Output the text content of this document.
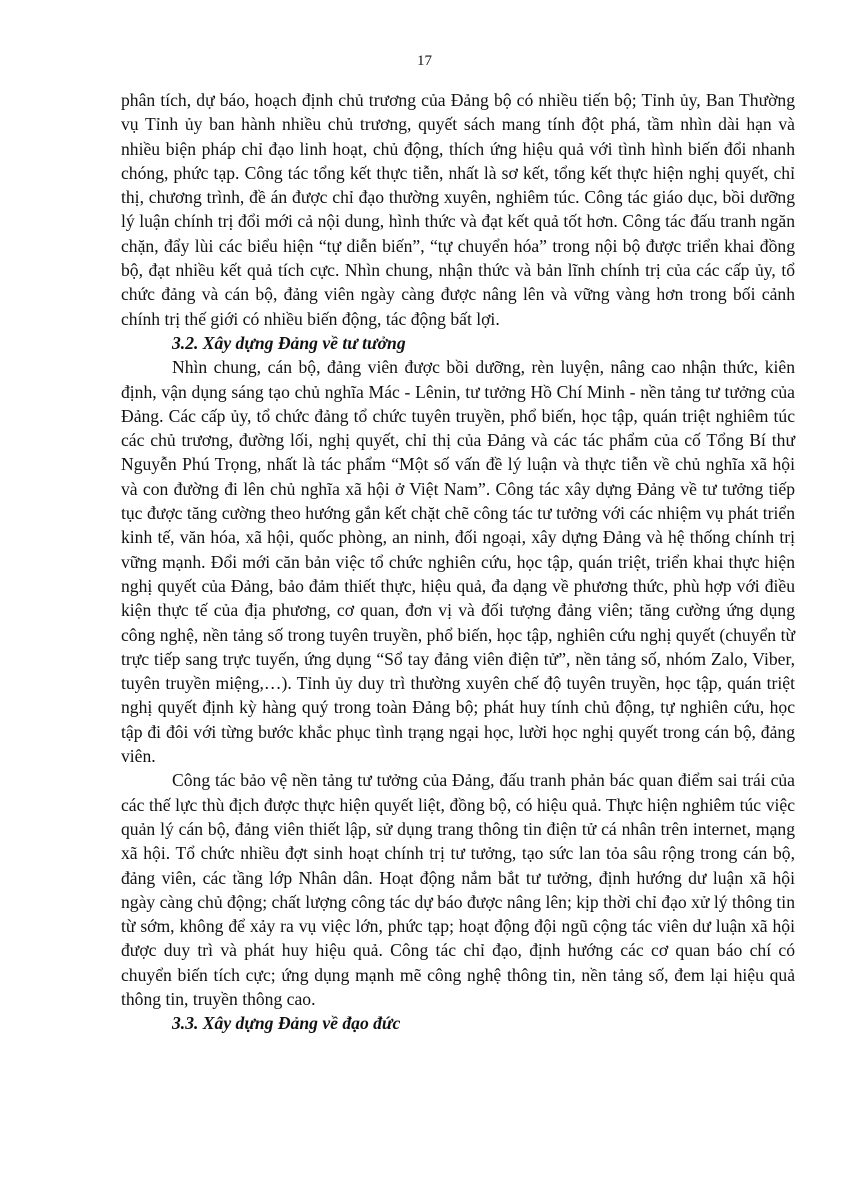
17

phân tích, dự báo, hoạch định chủ trương của Đảng bộ có nhiều tiến bộ; Tỉnh ủy, Ban Thường vụ Tỉnh ủy ban hành nhiều chủ trương, quyết sách mang tính đột phá, tầm nhìn dài hạn và nhiều biện pháp chỉ đạo linh hoạt, chủ động, thích ứng hiệu quả với tình hình biến đổi nhanh chóng, phức tạp. Công tác tổng kết thực tiễn, nhất là sơ kết, tổng kết thực hiện nghị quyết, chỉ thị, chương trình, đề án được chỉ đạo thường xuyên, nghiêm túc. Công tác giáo dục, bồi dưỡng lý luận chính trị đổi mới cả nội dung, hình thức và đạt kết quả tốt hơn. Công tác đấu tranh ngăn chặn, đẩy lùi các biểu hiện “tự diễn biến”, “tự chuyển hóa” trong nội bộ được triển khai đồng bộ, đạt nhiều kết quả tích cực. Nhìn chung, nhận thức và bản lĩnh chính trị của các cấp ủy, tổ chức đảng và cán bộ, đảng viên ngày càng được nâng lên và vững vàng hơn trong bối cảnh chính trị thế giới có nhiều biến động, tác động bất lợi.

3.2. Xây dựng Đảng về tư tưởng

Nhìn chung, cán bộ, đảng viên được bồi dưỡng, rèn luyện, nâng cao nhận thức, kiên định, vận dụng sáng tạo chủ nghĩa Mác - Lênin, tư tưởng Hồ Chí Minh - nền tảng tư tưởng của Đảng. Các cấp ủy, tổ chức đảng tổ chức tuyên truyền, phổ biến, học tập, quán triệt nghiêm túc các chủ trương, đường lối, nghị quyết, chỉ thị của Đảng và các tác phẩm của cố Tổng Bí thư Nguyễn Phú Trọng, nhất là tác phẩm “Một số vấn đề lý luận và thực tiễn về chủ nghĩa xã hội và con đường đi lên chủ nghĩa xã hội ở Việt Nam”. Công tác xây dựng Đảng về tư tưởng tiếp tục được tăng cường theo hướng gắn kết chặt chẽ công tác tư tưởng với các nhiệm vụ phát triển kinh tế, văn hóa, xã hội, quốc phòng, an ninh, đối ngoại, xây dựng Đảng và hệ thống chính trị vững mạnh. Đổi mới căn bản việc tổ chức nghiên cứu, học tập, quán triệt, triển khai thực hiện nghị quyết của Đảng, bảo đảm thiết thực, hiệu quả, đa dạng về phương thức, phù hợp với điều kiện thực tế của địa phương, cơ quan, đơn vị và đối tượng đảng viên; tăng cường ứng dụng công nghệ, nền tảng số trong tuyên truyền, phổ biến, học tập, nghiên cứu nghị quyết (chuyển từ trực tiếp sang trực tuyến, ứng dụng “Sổ tay đảng viên điện tử”, nền tảng số, nhóm Zalo, Viber, tuyên truyền miệng,…). Tỉnh ủy duy trì thường xuyên chế độ tuyên truyền, học tập, quán triệt nghị quyết định kỳ hàng quý trong toàn Đảng bộ; phát huy tính chủ động, tự nghiên cứu, học tập đi đôi với từng bước khắc phục tình trạng ngại học, lười học nghị quyết trong cán bộ, đảng viên.

Công tác bảo vệ nền tảng tư tưởng của Đảng, đấu tranh phản bác quan điểm sai trái của các thế lực thù địch được thực hiện quyết liệt, đồng bộ, có hiệu quả. Thực hiện nghiêm túc việc quản lý cán bộ, đảng viên thiết lập, sử dụng trang thông tin điện tử cá nhân trên internet, mạng xã hội. Tổ chức nhiều đợt sinh hoạt chính trị tư tưởng, tạo sức lan tỏa sâu rộng trong cán bộ, đảng viên, các tầng lớp Nhân dân. Hoạt động nắm bắt tư tưởng, định hướng dư luận xã hội ngày càng chủ động; chất lượng công tác dự báo được nâng lên; kịp thời chỉ đạo xử lý thông tin từ sớm, không để xảy ra vụ việc lớn, phức tạp; hoạt động đội ngũ cộng tác viên dư luận xã hội được duy trì và phát huy hiệu quả. Công tác chỉ đạo, định hướng các cơ quan báo chí có chuyển biến tích cực; ứng dụng mạnh mẽ công nghệ thông tin, nền tảng số, đem lại hiệu quả thông tin, truyền thông cao.

3.3. Xây dựng Đảng về đạo đức
